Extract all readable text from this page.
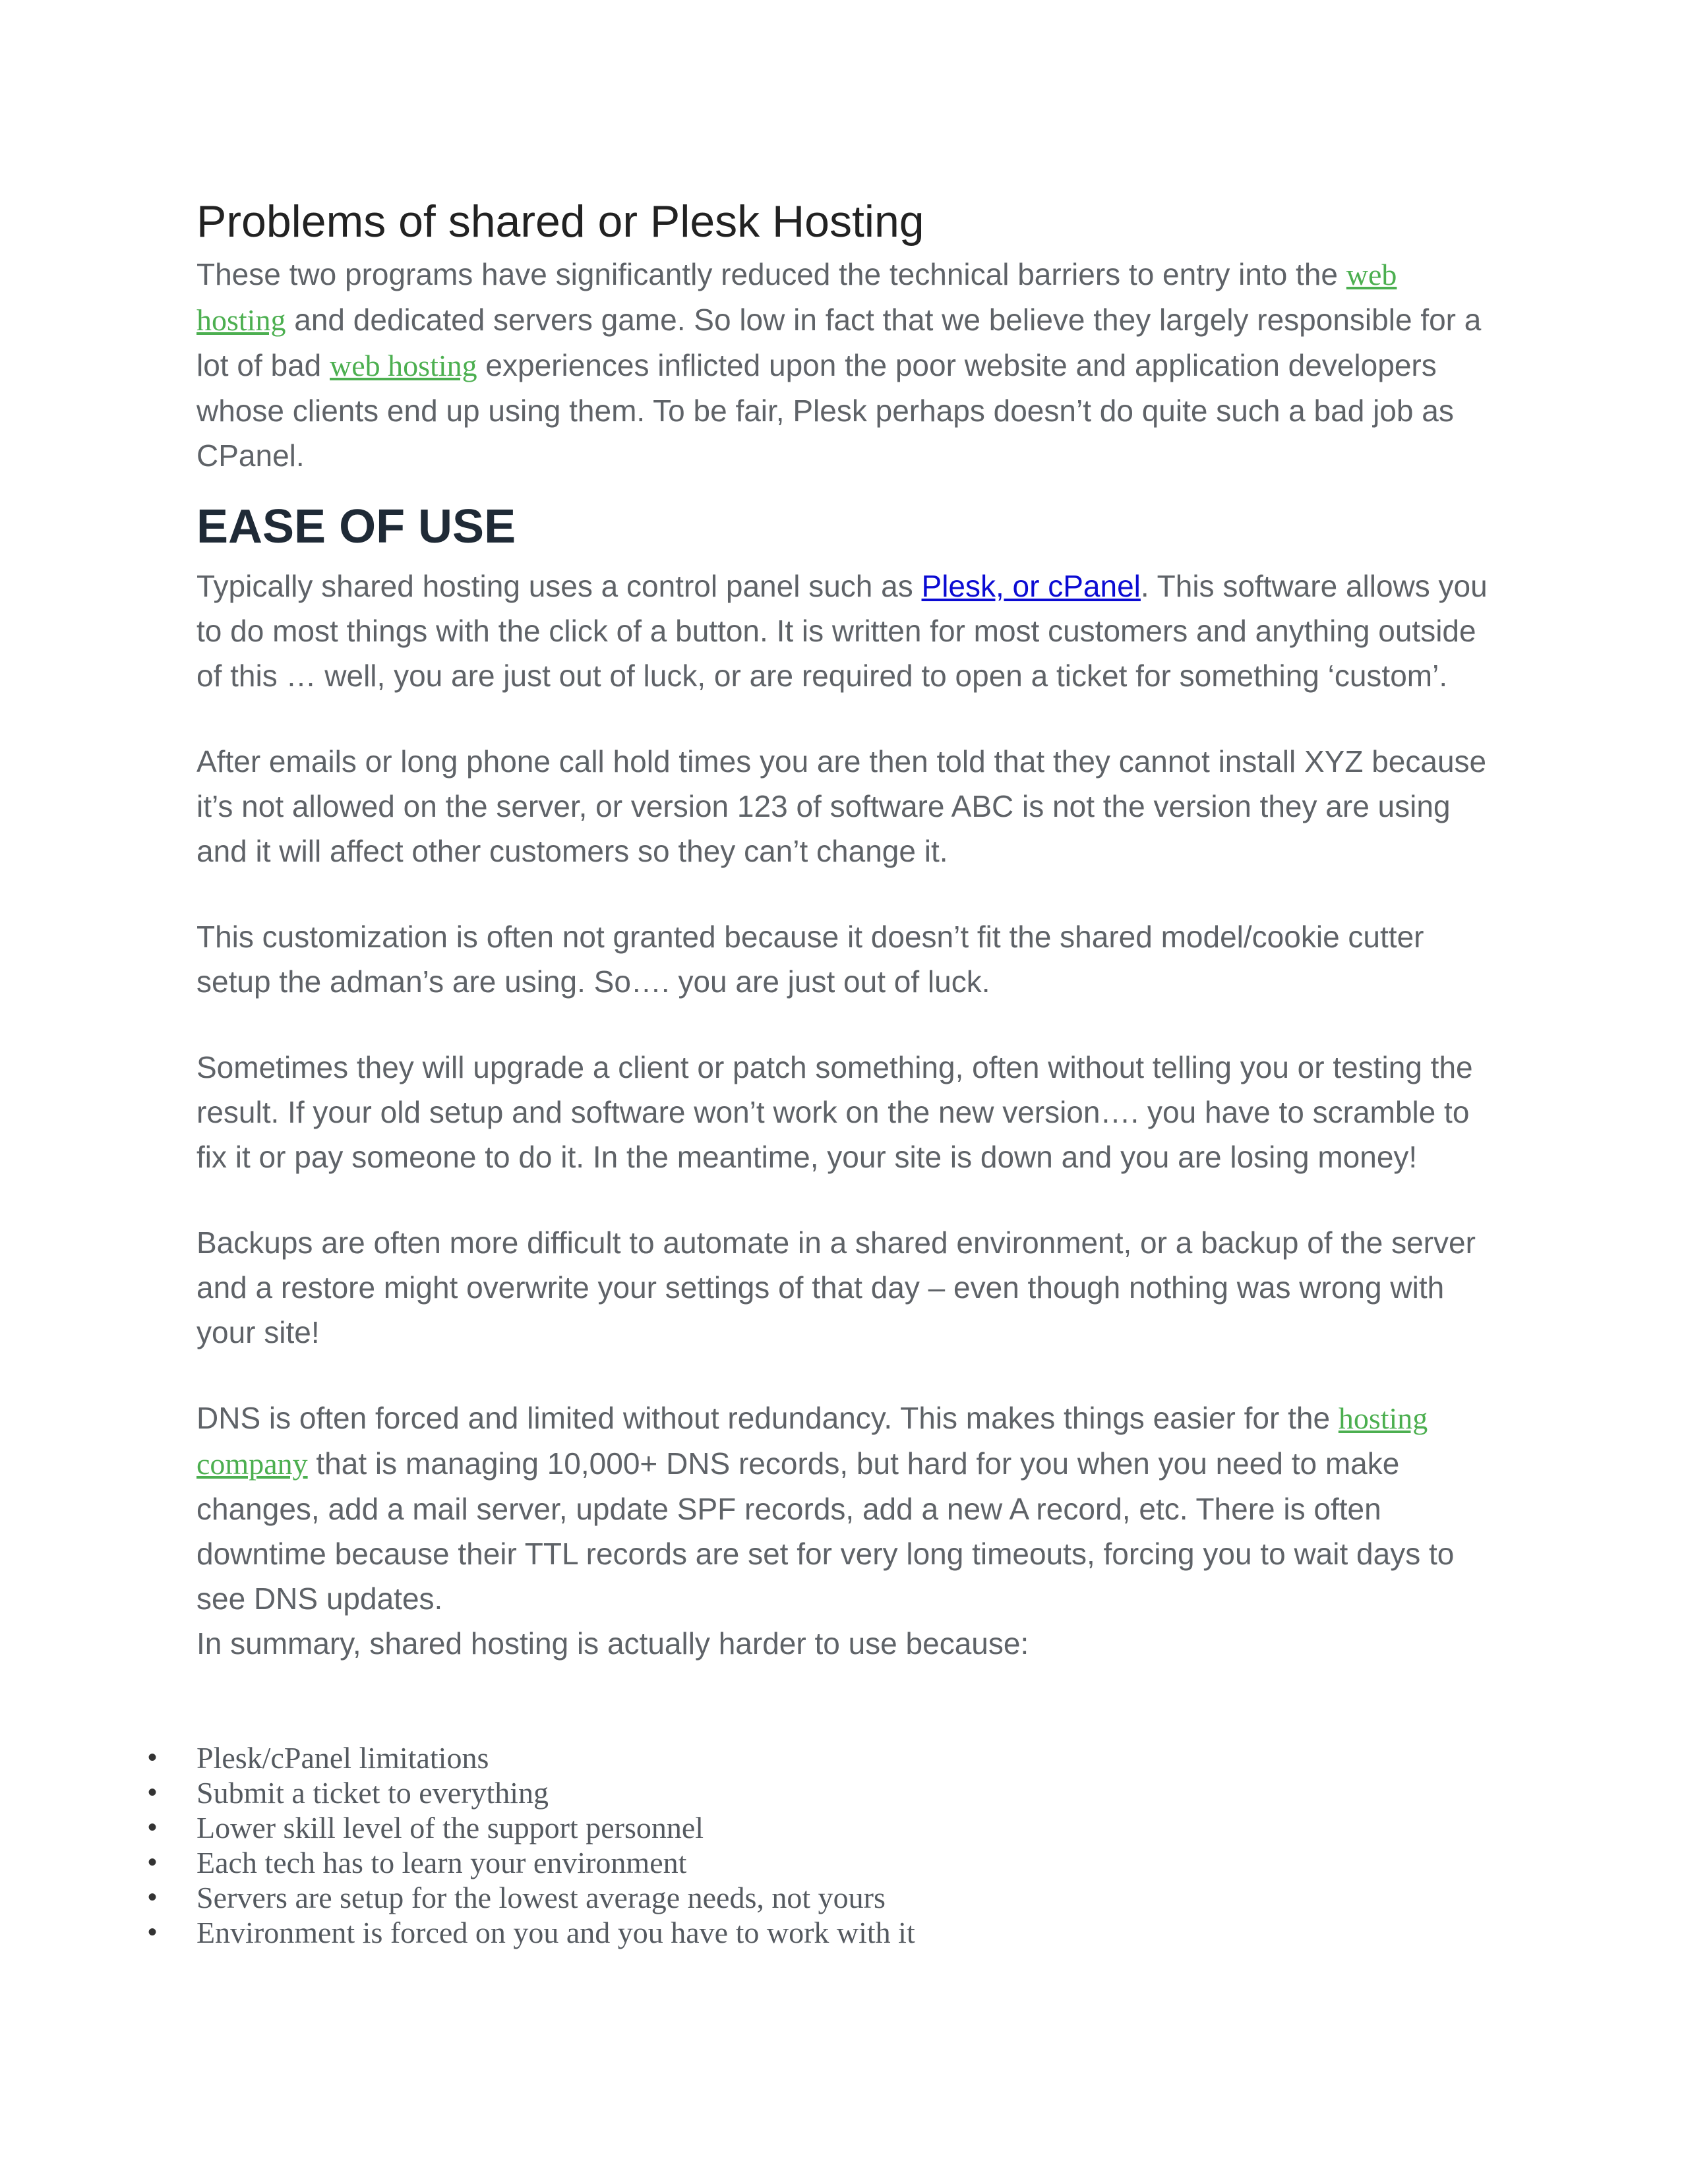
Problems of shared or Plesk Hosting

These two programs have significantly reduced the technical barriers to entry into the web hosting and dedicated servers game. So low in fact that we believe they largely responsible for a lot of bad web hosting experiences inflicted upon the poor website and application developers whose clients end up using them. To be fair, Plesk perhaps doesn’t do quite such a bad job as CPanel.

EASE OF USE

Typically shared hosting uses a control panel such as Plesk, or cPanel. This software allows you to do most things with the click of a button. It is written for most customers and anything outside of this … well, you are just out of luck, or are required to open a ticket for something ‘custom’.

After emails or long phone call hold times you are then told that they cannot install XYZ because it’s not allowed on the server, or version 123 of software ABC is not the version they are using and it will affect other customers so they can’t change it.

This customization is often not granted because it doesn’t fit the shared model/cookie cutter setup the adman’s are using. So…. you are just out of luck.

Sometimes they will upgrade a client or patch something, often without telling you or testing the result. If your old setup and software won’t work on the new version…. you have to scramble to fix it or pay someone to do it. In the meantime, your site is down and you are losing money!

Backups are often more difficult to automate in a shared environment, or a backup of the server and a restore might overwrite your settings of that day – even though nothing was wrong with your site!

DNS is often forced and limited without redundancy. This makes things easier for the hosting company that is managing 10,000+ DNS records, but hard for you when you need to make changes, add a mail server, update SPF records, add a new A record, etc. There is often downtime because their TTL records are set for very long timeouts, forcing you to wait days to see DNS updates.

In summary, shared hosting is actually harder to use because:

• Plesk/cPanel limitations
• Submit a ticket to everything
• Lower skill level of the support personnel
• Each tech has to learn your environment
• Servers are setup for the lowest average needs, not yours
• Environment is forced on you and you have to work with it
